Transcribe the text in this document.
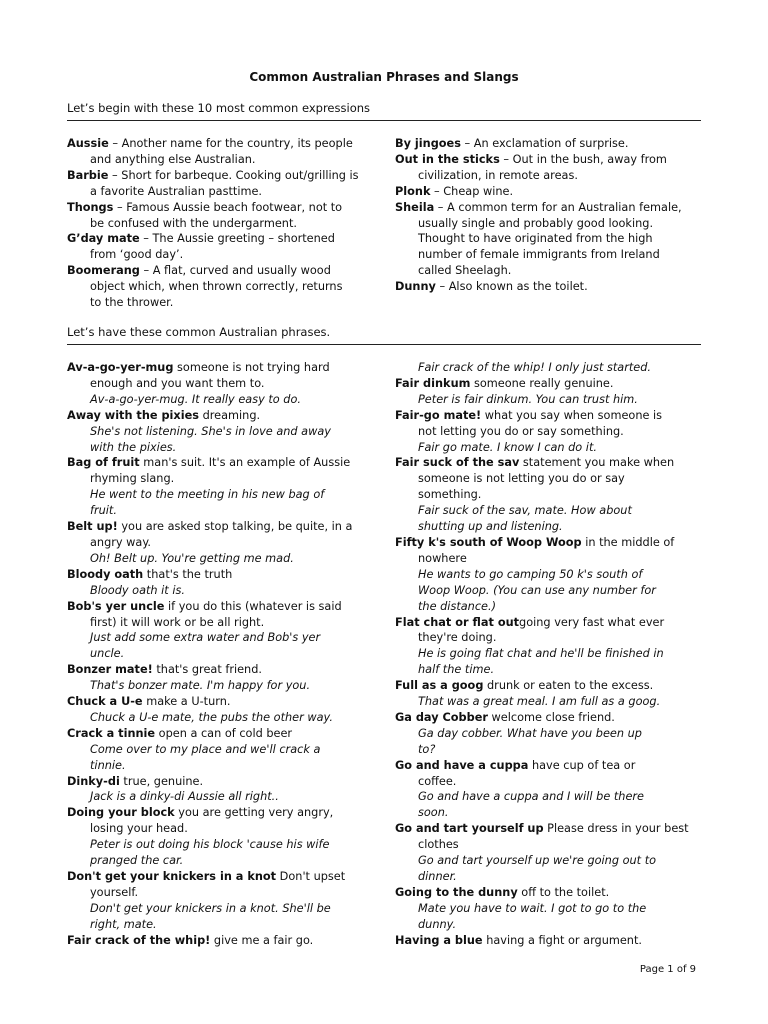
Common Australian Phrases and Slangs
Let’s begin with these 10 most common expressions
Aussie – Another name for the country, its people
and anything else Australian.
Barbie – Short for barbeque. Cooking out/grilling is
a favorite Australian pasttime.
Thongs – Famous Aussie beach footwear, not to
be confused with the undergarment.
G’day mate – The Aussie greeting – shortened
from ‘good day’.
Boomerang – A flat, curved and usually wood
object which, when thrown correctly, returns
to the thrower.
By jingoes – An exclamation of surprise.
Out in the sticks – Out in the bush, away from
civilization, in remote areas.
Plonk – Cheap wine.
Sheila – A common term for an Australian female,
usually single and probably good looking.
Thought to have originated from the high
number of female immigrants from Ireland
called Sheelagh.
Dunny – Also known as the toilet.
Let’s have these common Australian phrases.
Av-a-go-yer-mug someone is not trying hard
enough and you want them to.
Av-a-go-yer-mug. It really easy to do.
Away with the pixies dreaming.
She's not listening. She's in love and away
with the pixies.
Bag of fruit man's suit. It's an example of Aussie
rhyming slang.
He went to the meeting in his new bag of
fruit.
Belt up! you are asked stop talking, be quite, in a
angry way.
Oh! Belt up. You're getting me mad.
Bloody oath that's the truth
Bloody oath it is.
Bob's yer uncle if you do this (whatever is said
first) it will work or be all right.
Just add some extra water and Bob's yer
uncle.
Bonzer mate! that's great friend.
That's bonzer mate. I'm happy for you.
Chuck a U-e make a U-turn.
Chuck a U-e mate, the pubs the other way.
Crack a tinnie open a can of cold beer
Come over to my place and we'll crack a
tinnie.
Dinky-di true, genuine.
Jack is a dinky-di Aussie all right..
Doing your block you are getting very angry,
losing your head.
Peter is out doing his block 'cause his wife
pranged the car.
Don't get your knickers in a knot Don't upset
yourself.
Don't get your knickers in a knot. She'll be
right, mate.
Fair crack of the whip! give me a fair go.
Fair crack of the whip! I only just started.
Fair dinkum someone really genuine.
Peter is fair dinkum. You can trust him.
Fair-go mate! what you say when someone is
not letting you do or say something.
Fair go mate. I know I can do it.
Fair suck of the sav statement you make when
someone is not letting you do or say
something.
Fair suck of the sav, mate. How about
shutting up and listening.
Fifty k's south of Woop Woop in the middle of
nowhere
He wants to go camping 50 k's south of
Woop Woop. (You can use any number for
the distance.)
Flat chat or flat outgoing very fast what ever
they're doing.
He is going flat chat and he'll be finished in
half the time.
Full as a goog drunk or eaten to the excess.
That was a great meal. I am full as a goog.
Ga day Cobber welcome close friend.
Ga day cobber. What have you been up
to?
Go and have a cuppa have cup of tea or
coffee.
Go and have a cuppa and I will be there
soon.
Go and tart yourself up Please dress in your best
clothes
Go and tart yourself up we're going out to
dinner.
Going to the dunny off to the toilet.
Mate you have to wait. I got to go to the
dunny.
Having a blue having a fight or argument.
Page 1 of 9
